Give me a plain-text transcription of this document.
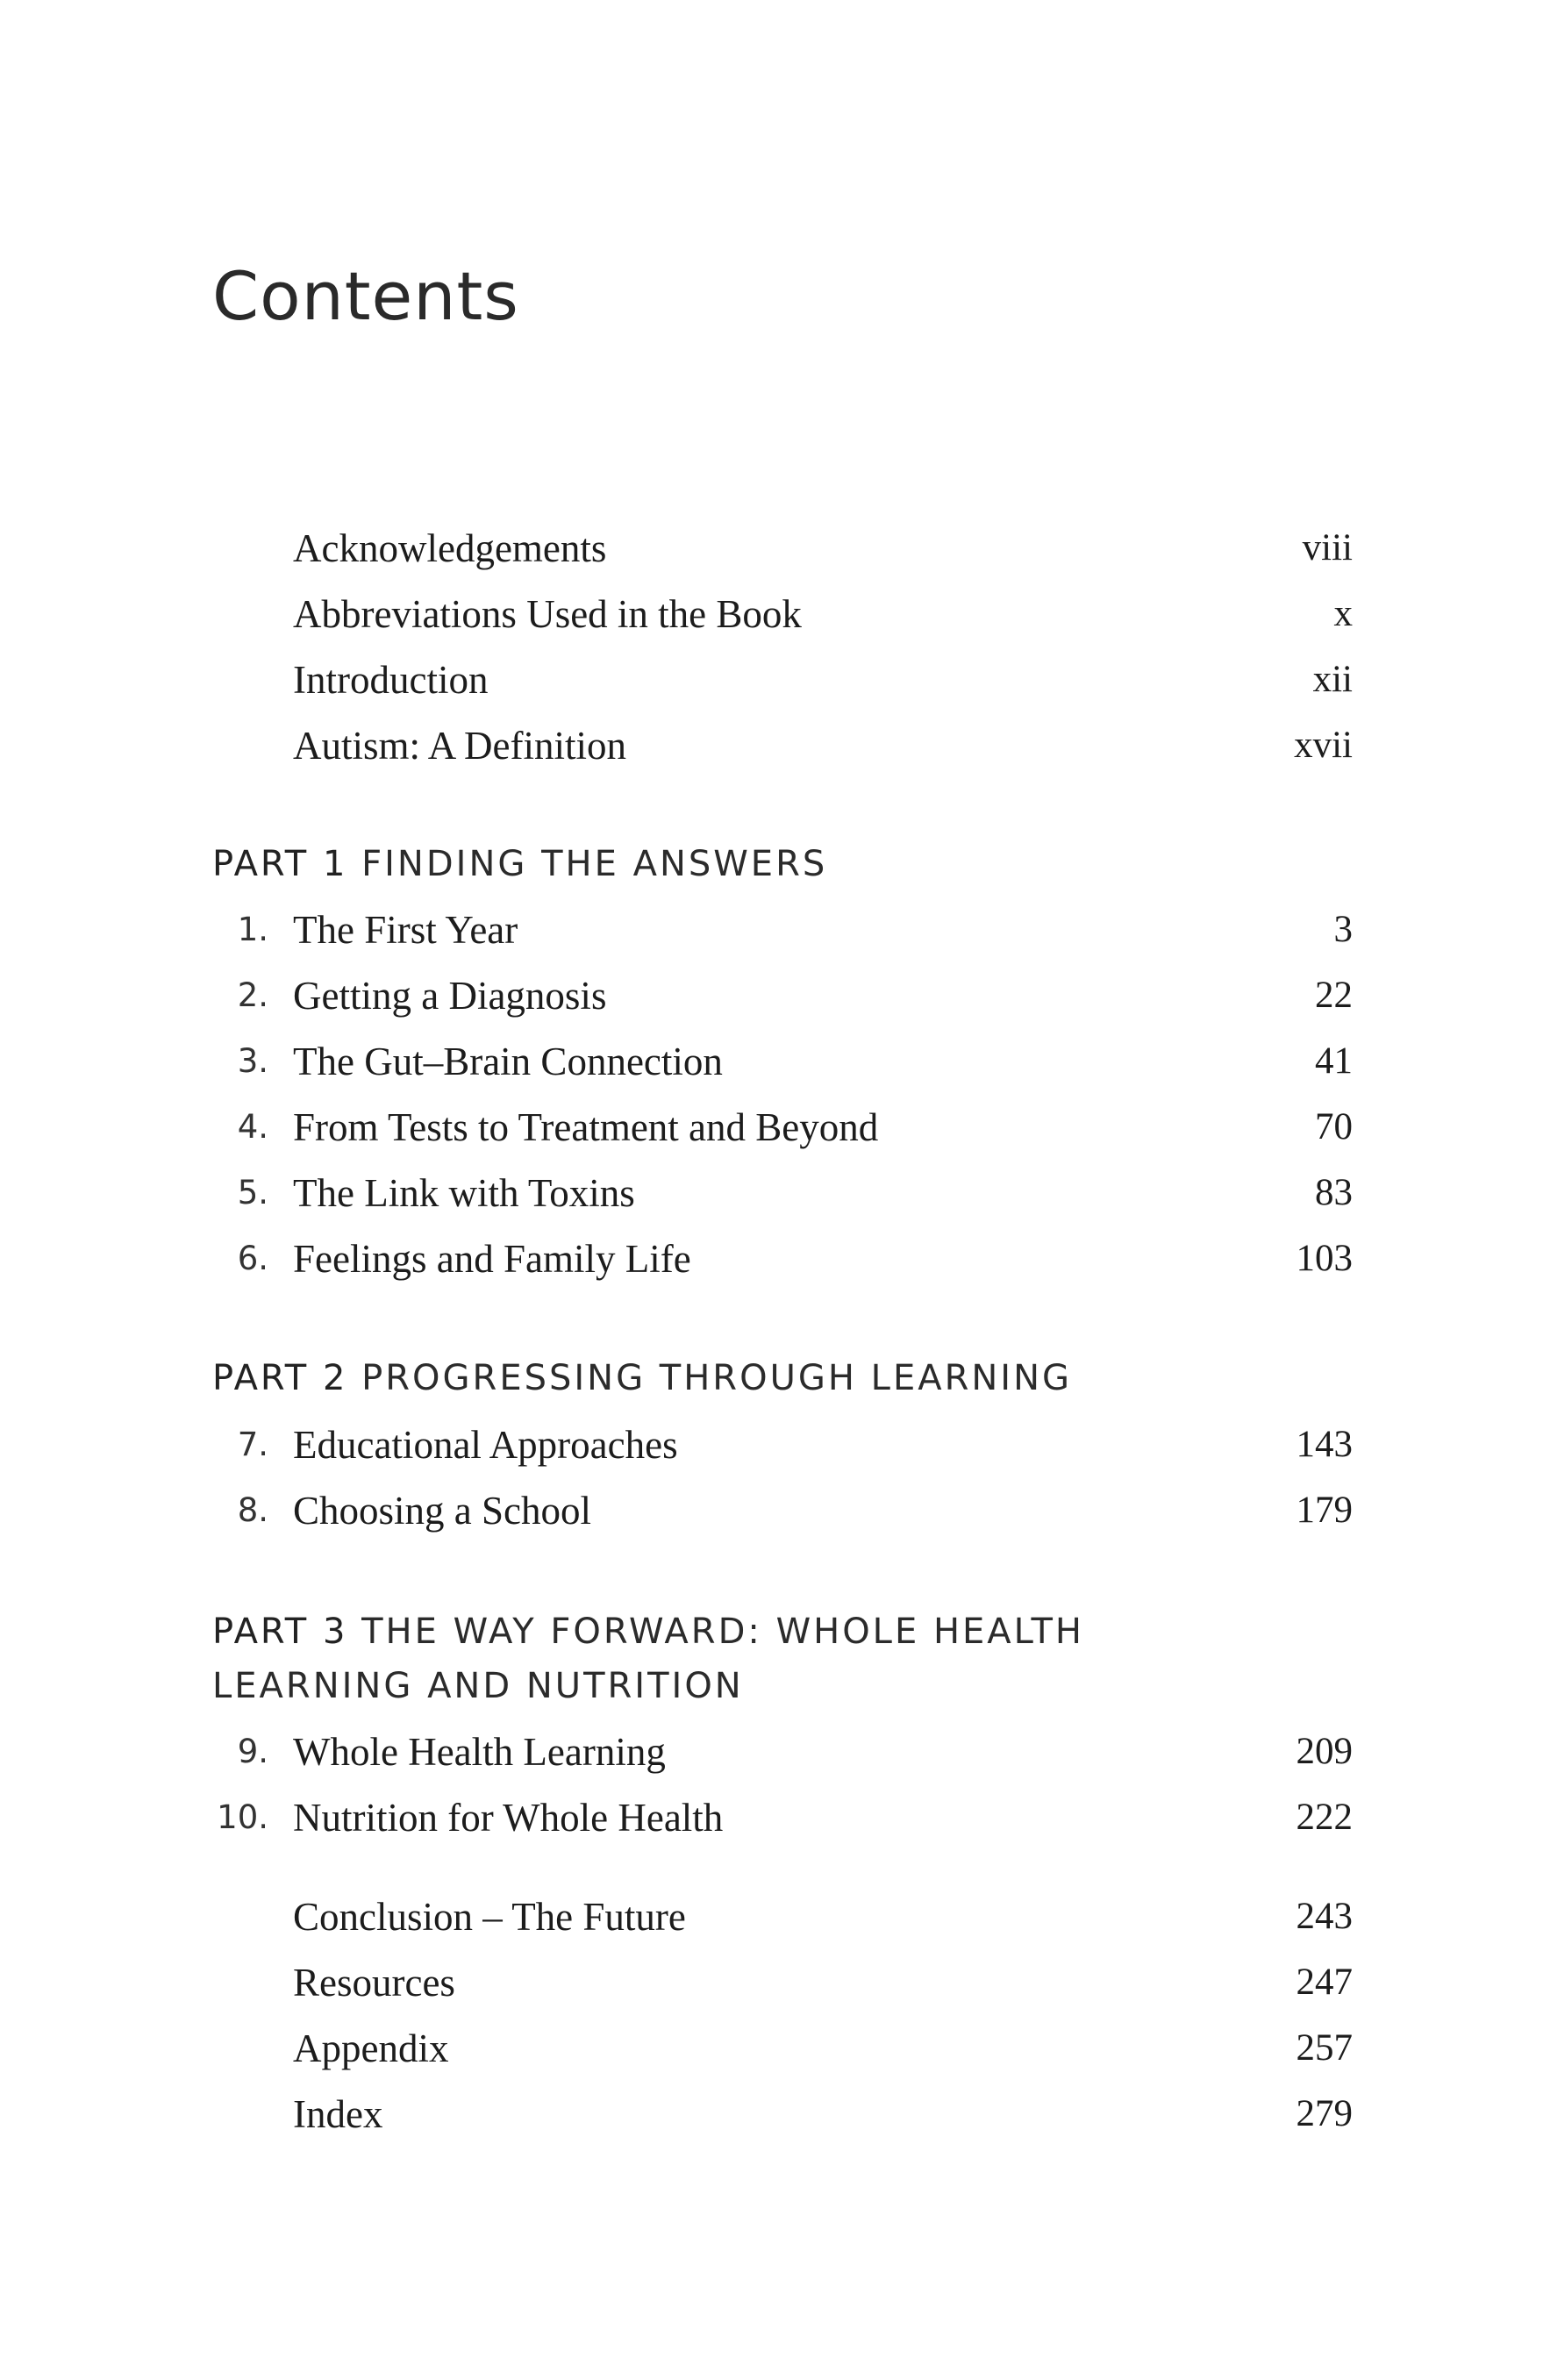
Contents
Acknowledgements	viii
Abbreviations Used in the Book	x
Introduction	xii
Autism: A Definition	xvii
PART 1 FINDING THE ANSWERS
1. The First Year	3
2. Getting a Diagnosis	22
3. The Gut–Brain Connection	41
4. From Tests to Treatment and Beyond	70
5. The Link with Toxins	83
6. Feelings and Family Life	103
PART 2 PROGRESSING THROUGH LEARNING
7. Educational Approaches	143
8. Choosing a School	179
PART 3 THE WAY FORWARD: WHOLE HEALTH LEARNING AND NUTRITION
9. Whole Health Learning	209
10. Nutrition for Whole Health	222
Conclusion – The Future	243
Resources	247
Appendix	257
Index	279
